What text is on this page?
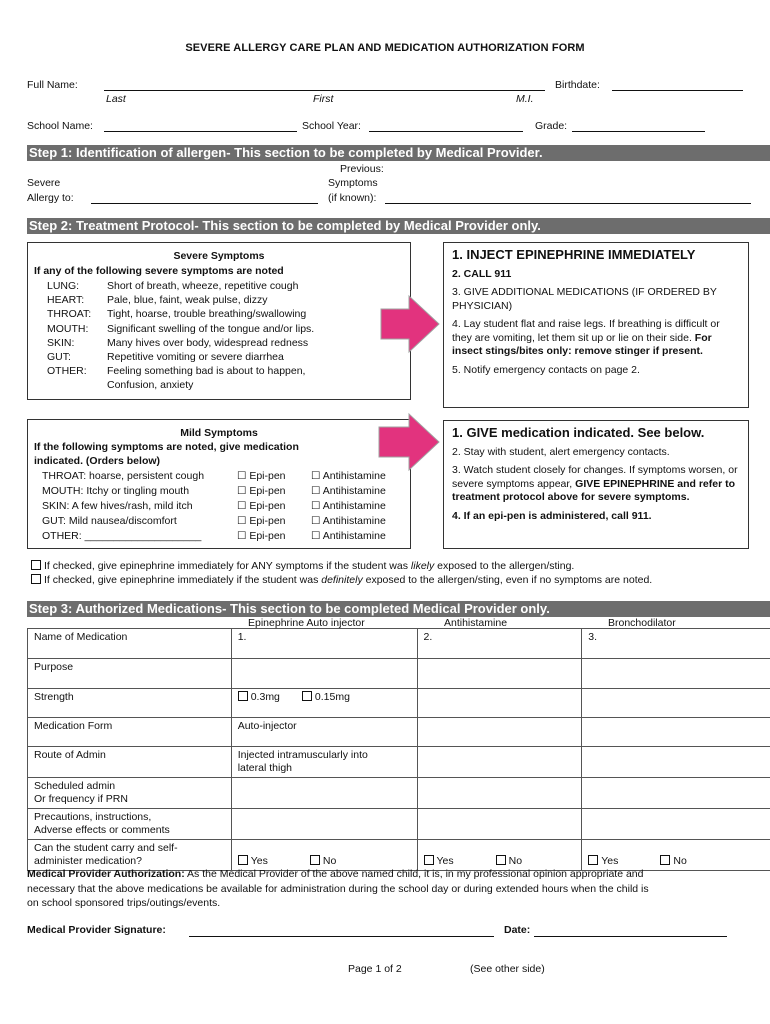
SEVERE ALLERGY CARE PLAN AND MEDICATION AUTHORIZATION FORM
Full Name:
Last	First	M.I.
Birthdate:
School Name:	School Year:	Grade:
Step 1: Identification of allergen- This section to be completed by Medical Provider.
Severe
Allergy to:
Previous:
Symptoms
(if known):
Step 2: Treatment Protocol- This section to be completed by Medical Provider only.
Severe Symptoms
If any of the following severe symptoms are noted
LUNG:	Short of breath, wheeze, repetitive cough
HEART:	Pale, blue, faint, weak pulse, dizzy
THROAT:	Tight, hoarse, trouble breathing/swallowing
MOUTH:	Significant swelling of the tongue and/or lips.
SKIN:	Many hives over body, widespread redness
GUT:	Repetitive vomiting or severe diarrhea
OTHER:	Feeling something bad is about to happen,
Confusion, anxiety
1. INJECT EPINEPHRINE IMMEDIATELY

2. CALL 911

3. GIVE ADDITIONAL MEDICATIONS (IF ORDERED BY PHYSICIAN)

4. Lay student flat and raise legs. If breathing is difficult or they are vomiting, let them sit up or lie on their side. For insect stings/bites only: remove stinger if present.

5. Notify emergency contacts on page 2.

Mild Symptoms
If the following symptoms are noted, give medication
indicated. (Orders below)
THROAT: hoarse, persistent cough	☐ Epi-pen	☐ Antihistamine
MOUTH: Itchy or tingling mouth	☐ Epi-pen	☐ Antihistamine
SKIN: A few hives/rash, mild itch	☐ Epi-pen	☐ Antihistamine
GUT: Mild nausea/discomfort	☐ Epi-pen	☐ Antihistamine
OTHER: ____________________	☐ Epi-pen	☐ Antihistamine
1. GIVE medication indicated. See below.

2. Stay with student, alert emergency contacts.

3. Watch student closely for changes. If symptoms worsen, or severe symptoms appear, GIVE EPINEPHRINE and refer to treatment protocol above for severe symptoms.

4. If an epi-pen is administered, call 911.

If checked, give epinephrine immediately for ANY symptoms if the student was likely exposed to the allergen/sting.
If checked, give epinephrine immediately if the student was definitely exposed to the allergen/sting, even if no symptoms are noted.
Step 3: Authorized Medications- This section to be completed Medical Provider only.
Epinephrine Auto injector	Antihistamine	Bronchodilator
Name of Medication	1.	2.	3.
Purpose			
Strength	0.3mg 0.15mg		
Medication Form	Auto-injector		
Route of Admin	Injected intramuscularly into
lateral thigh		

Scheduled admin
Or frequency if PRN			

Precautions, instructions,
Adverse effects or comments			

Can the student carry and self-
administer medication?	Yes No	Yes No	Yes No
Medical Provider Authorization: As the Medical Provider of the above named child, it is, in my professional opinion appropriate and
necessary that the above medications be available for administration during the school day or during extended hours when the child is
on school sponsored trips/outings/events.
Medical Provider Signature:	Date:
Page 1 of 2	(See other side)
